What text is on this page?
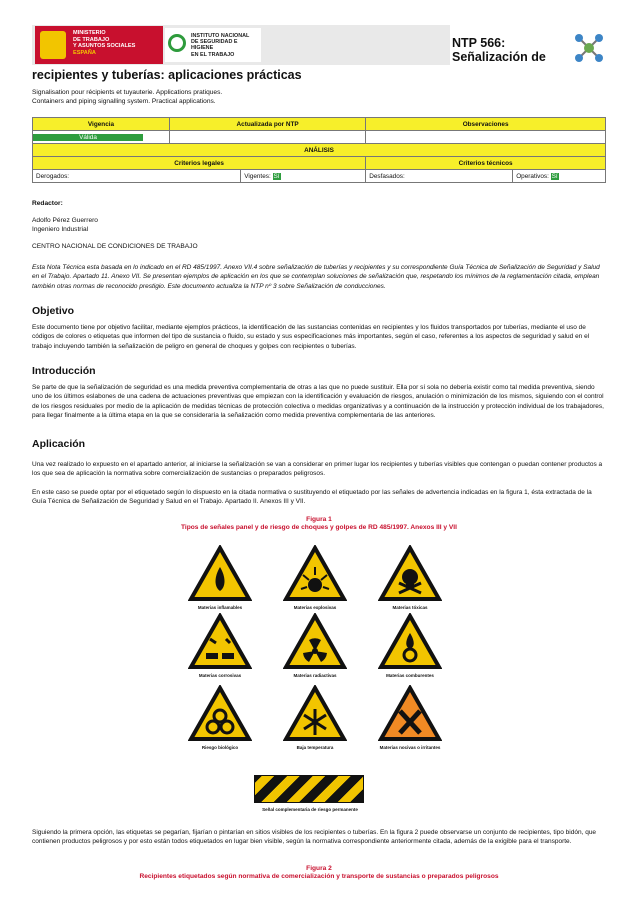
MINISTERIO
DE TRABAJO
Y ASUNTOS SOCIALES
ESPAÑA
INSTITUTO NACIONAL
DE SEGURIDAD E HIGIENE
EN EL TRABAJO
NTP 566:
Señalización de
recipientes y tuberías: aplicaciones prácticas
Signalisation pour récipients et tuyauterie. Applications pratiques.
Containers and piping signalling system. Practical applications.
Vigencia	Actualizada por NTP		Observaciones	

Válida				

ANÁLISIS				
Criterios legales			Criterios técnicos	
Derogados:		Vigentes: Sí	Desfasados:	Operativos: Sí
Redactor:
Adolfo Pérez Guerrero
Ingeniero Industrial
CENTRO NACIONAL DE CONDICIONES DE TRABAJO
Esta Nota Técnica esta basada en lo indicado en el RD 485/1997. Anexo VII.4 sobre señalización de tuberías y recipientes y su correspondiente Guía Técnica de Señalización de Seguridad y Salud en el Trabajo. Apartado 11. Anexo VII. Se presentan ejemplos de aplicación en los que se contemplan soluciones de señalización que, respetando los mínimos de la reglamentación citada, emplean también otras normas de reconocido prestigio. Este documento actualiza la NTP nº 3 sobre Señalización de conducciones.
Objetivo
Este documento tiene por objetivo facilitar, mediante ejemplos prácticos, la identificación de las sustancias contenidas en recipientes y los fluidos transportados por tuberías, mediante el uso de códigos de colores o etiquetas que informen del tipo de sustancia o fluido, su estado y sus especificaciones más importantes, según el caso, referentes a los aspectos de seguridad y salud en el trabajo incluyendo también la señalización de peligro en general de choques y golpes con recipientes o tuberías.
Introducción
Se parte de que la señalización de seguridad es una medida preventiva complementaria de otras a las que no puede sustituir. Ella por sí sola no debería existir como tal medida preventiva, siendo uno de los últimos eslabones de una cadena de actuaciones preventivas que empiezan con la identificación y evaluación de riesgos, anulación o minimización de los mismos, siguiendo con el control de los riesgos residuales por medio de la aplicación de medidas técnicas de protección colectiva o medidas organizativas y a continuación de la instrucción y protección individual de los trabajadores, para llegar finalmente a la última etapa en la que se consideraría la señalización como medida preventiva complementaria de las anteriores.
Aplicación
Una vez realizado lo expuesto en el apartado anterior, al iniciarse la señalización se van a considerar en primer lugar los recipientes y tuberías visibles que contengan o puedan contener productos a los que sea de aplicación la normativa sobre comercialización de sustancias o preparados peligrosos.
En este caso se puede optar por el etiquetado según lo dispuesto en la citada normativa o sustituyendo el etiquetado por las señales de advertencia indicadas en la figura 1, ésta extractada de la Guía Técnica de Señalización de Seguridad y Salud en el Trabajo. Apartado II. Anexos III y VII.
Figura 1
Tipos de señales panel y de riesgo de choques y golpes de RD 485/1997. Anexos III y VII
Materias inflamables	Materias explosivas	Materias tóxicas
Materias corrosivas	Materias radiactivas	Materias comburentes
Riesgo biológico	Baja temperatura	Materias nocivas o irritantes
Señal complementaria de riesgo permanente
Siguiendo la primera opción, las etiquetas se pegarían, fijarían o pintarían en sitios visibles de los recipientes o tuberías. En la figura 2 puede observarse un conjunto de recipientes, tipo bidón, que contienen productos peligrosos y por esto están todos etiquetados en lugar bien visible, según la normativa correspondiente anteriormente citada, además de la exigible para el transporte.
Figura 2
Recipientes etiquetados según normativa de comercialización y transporte de sustancias o preparados peligrosos
